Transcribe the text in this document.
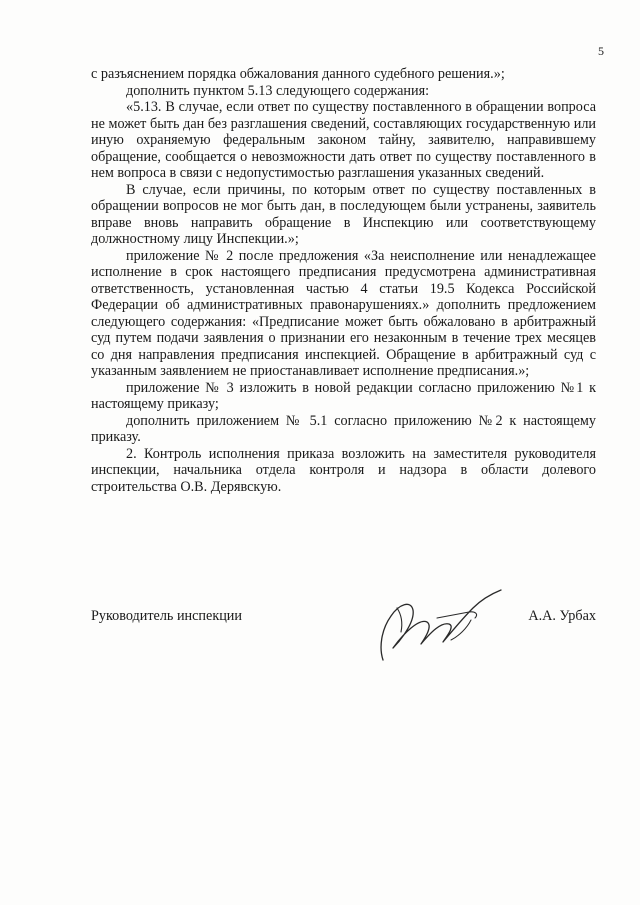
5

с разъяснением порядка обжалования данного судебного решения.»;

дополнить пунктом 5.13 следующего содержания:

«5.13. В случае, если ответ по существу поставленного в обращении вопроса не может быть дан без разглашения сведений, составляющих государственную или иную охраняемую федеральным законом тайну, заявителю, направившему обращение, сообщается о невозможности дать ответ по существу поставленного в нем вопроса в связи с недопустимостью разглашения указанных сведений.

В случае, если причины, по которым ответ по существу поставленных в обращении вопросов не мог быть дан, в последующем были устранены, заявитель вправе вновь направить обращение в Инспекцию или соответствующему должностному лицу Инспекции.»;

приложение № 2 после предложения «За неисполнение или ненадлежащее исполнение в срок настоящего предписания предусмотрена административная ответственность, установленная частью 4 статьи 19.5 Кодекса Российской Федерации об административных правонарушениях.» дополнить предложением следующего содержания: «Предписание может быть обжаловано в арбитражный суд путем подачи заявления о признании его незаконным в течение трех месяцев со дня направления предписания инспекцией. Обращение в арбитражный суд с указанным заявлением не приостанавливает исполнение предписания.»;

приложение № 3 изложить в новой редакции согласно приложению №1 к настоящему приказу;

дополнить приложением № 5.1 согласно приложению №2 к настоящему приказу.

2. Контроль исполнения приказа возложить на заместителя руководителя инспекции, начальника отдела контроля и надзора в области долевого строительства О.В. Дерявскую.

Руководитель инспекции	А.А. Урбах
